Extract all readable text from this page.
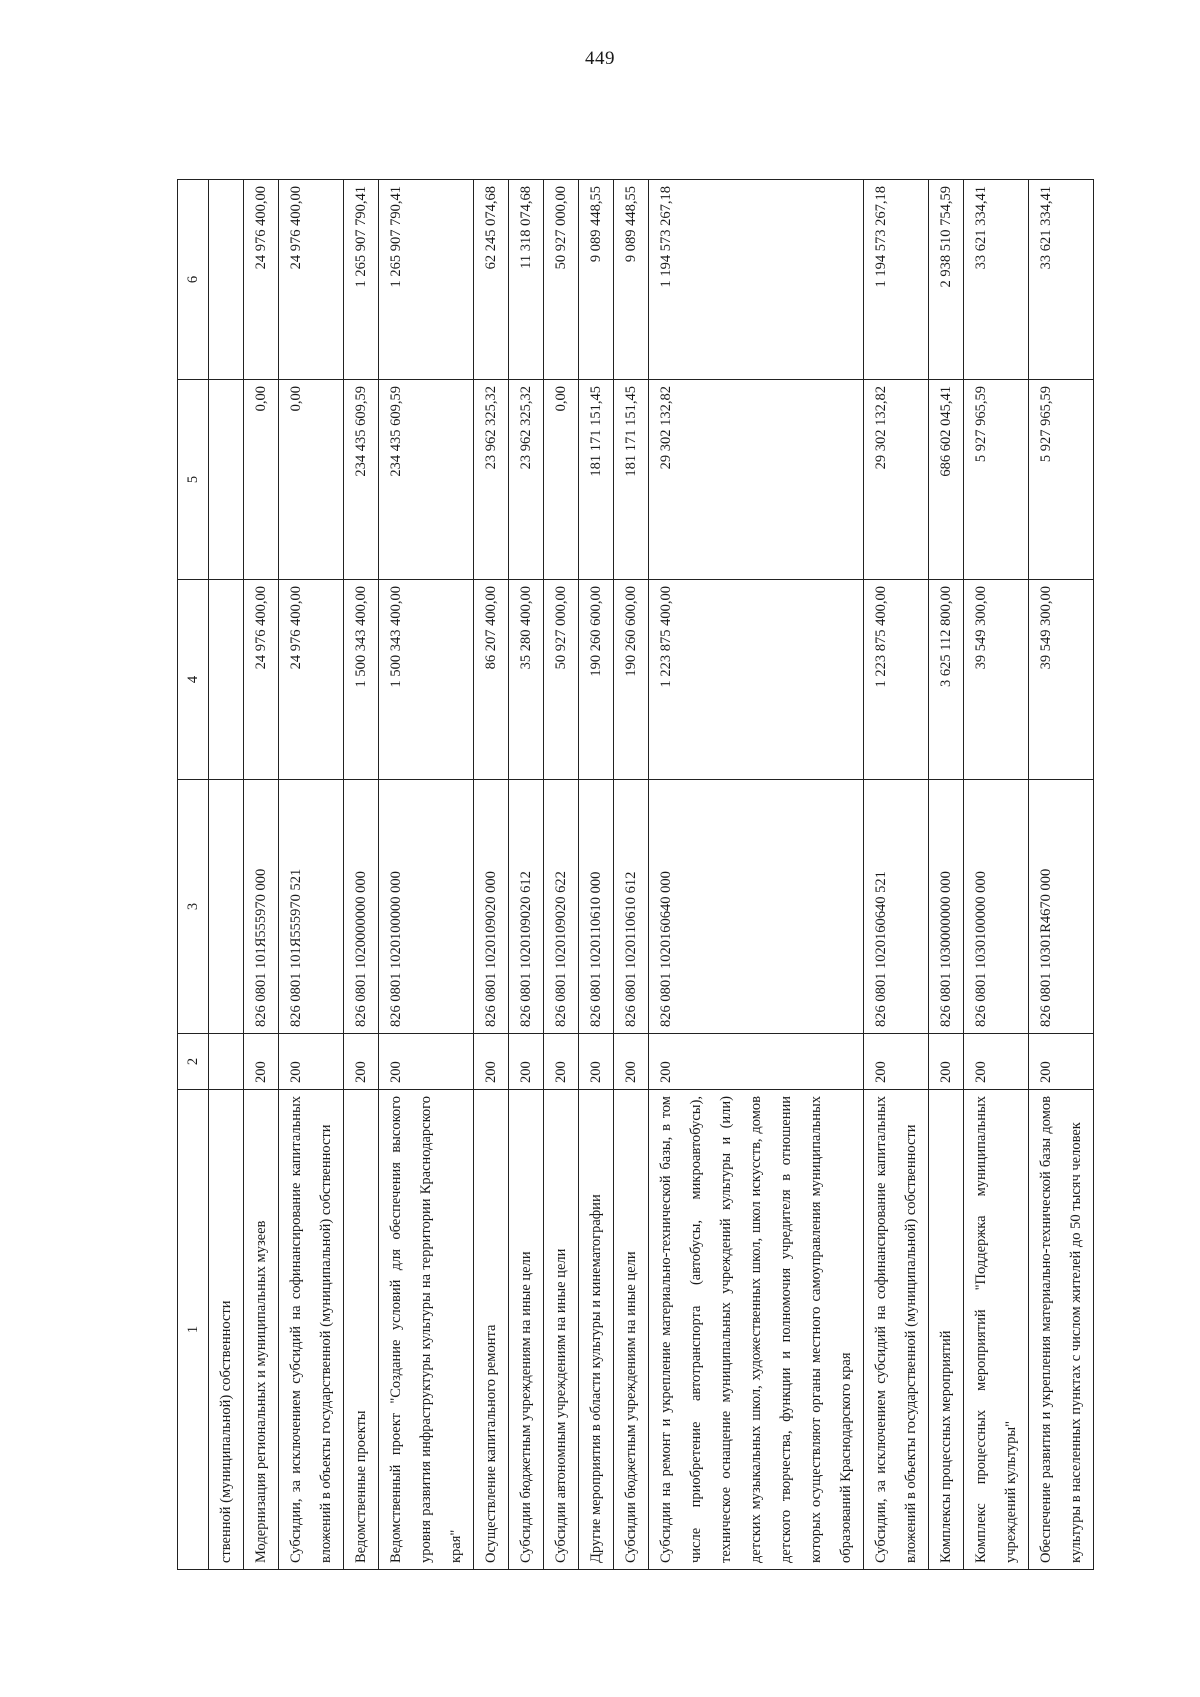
449
1	2	3	4	5	6
ственной (муниципальной) собственности					
Модернизация региональных и муниципальных музеев	200	826 0801 101Я555970 000	24 976 400,00	0,00	24 976 400,00
Субсидии, за исключением субсидий на софинансирование капитальных вложений в объекты государственной (муниципальной) собственности	200	826 0801 101Я555970 521	24 976 400,00	0,00	24 976 400,00
Ведомственные проекты	200	826 0801 1020000000 000	1 500 343 400,00	234 435 609,59	1 265 907 790,41
Ведомственный проект "Создание условий для обеспечения высокого уровня развития инфраструктуры культуры на территории Краснодарского края"	200	826 0801 1020100000 000	1 500 343 400,00	234 435 609,59	1 265 907 790,41
Осуществление капитального ремонта	200	826 0801 1020109020 000	86 207 400,00	23 962 325,32	62 245 074,68
Субсидии бюджетным учреждениям на иные цели	200	826 0801 1020109020 612	35 280 400,00	23 962 325,32	11 318 074,68
Субсидии автономным учреждениям на иные цели	200	826 0801 1020109020 622	50 927 000,00	0,00	50 927 000,00
Другие мероприятия в области культуры и кинематографии	200	826 0801 1020110610 000	190 260 600,00	181 171 151,45	9 089 448,55
Субсидии бюджетным учреждениям на иные цели	200	826 0801 1020110610 612	190 260 600,00	181 171 151,45	9 089 448,55
Субсидии на ремонт и укрепление материально-технической базы, в том числе приобретение автотранспорта (автобусы, микроавтобусы), техническое оснащение муниципальных учреждений культуры и (или) детских музыкальных школ, художественных школ, школ искусств, домов детского творчества, функции и полномочия учредителя в отношении которых осуществляют органы местного самоуправления муниципальных образований Краснодарского края	200	826 0801 1020160640 000	1 223 875 400,00	29 302 132,82	1 194 573 267,18
Субсидии, за исключением субсидий на софинансирование капитальных вложений в объекты государственной (муниципальной) собственности	200	826 0801 1020160640 521	1 223 875 400,00	29 302 132,82	1 194 573 267,18
Комплексы процессных мероприятий	200	826 0801 1030000000 000	3 625 112 800,00	686 602 045,41	2 938 510 754,59
Комплекс процессных мероприятий "Поддержка муниципальных учреждений культуры"	200	826 0801 1030100000 000	39 549 300,00	5 927 965,59	33 621 334,41
Обеспечение развития и укрепления материально-технической базы домов культуры в населенных пунктах с числом жителей до 50 тысяч человек	200	826 0801 10301R4670 000	39 549 300,00	5 927 965,59	33 621 334,41
